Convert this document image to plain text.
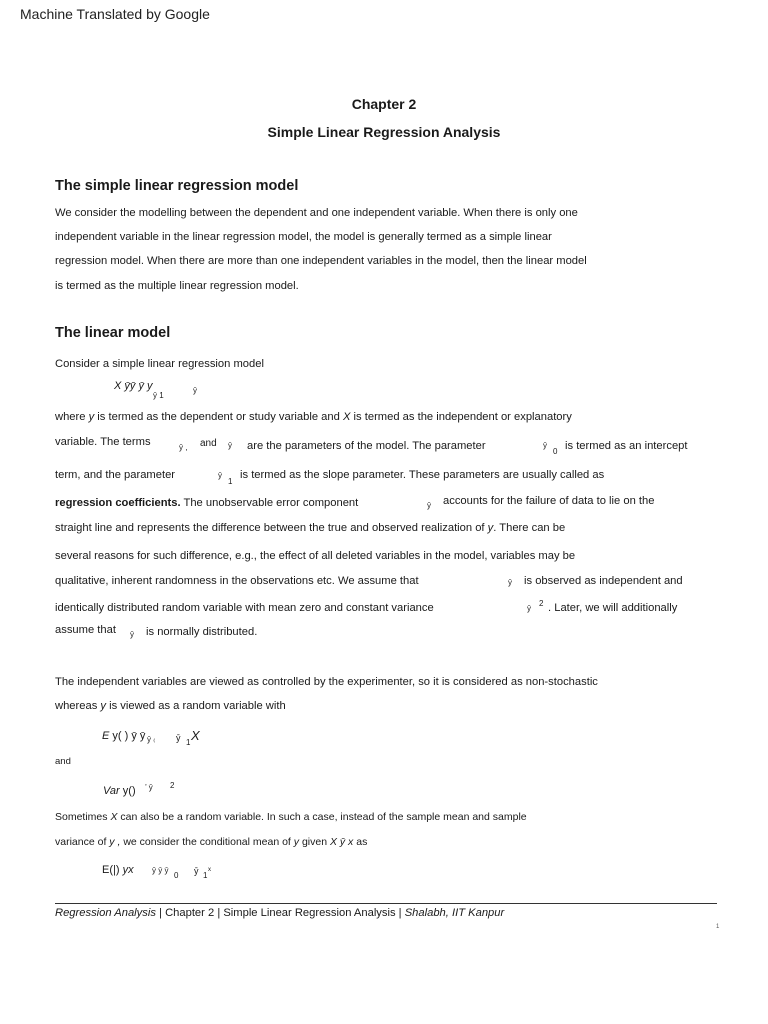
Machine Translated by Google
Chapter 2
Simple Linear Regression Analysis
The simple linear regression model
We consider the modelling between the dependent and one independent variable. When there is only one
independent variable in the linear regression model, the model is generally termed as a simple linear
regression model. When there are more than one independent variables in the model, then the linear model
is termed as the multiple linear regression model.
The linear model
Consider a simple linear regression model
X ȳȳ ȳ y
ȳ 1
ȳ
where y is termed as the dependent or study variable and X is termed as the independent or explanatory
variable. The terms	ȳ , and ȳ are the parameters of the model. The parameter	ȳ
0 is termed as an intercept
term, and the parameter	ȳ
1
is termed as the slope parameter. These parameters are usually called as
regression coefficients. The unobservable error component	ȳ accounts for the failure of data to lie on the
straight line and represents the difference between the true and observed realization of y. There can be
several reasons for such difference, e.g., the effect of all deleted variables in the model, variables may be
qualitative, inherent randomness in the observations etc. We assume that	ȳ is observed as independent and
identically distributed random variable with mean zero and constant variance	ȳ
2 . Later, we will additionally
assume that ȳ is normally distributed.
The independent variables are viewed as controlled by the experimenter, so it is considered as non-stochastic
whereas y is viewed as a random variable with
E y( ) ȳ ȳ ȳ ₍ ȳ 1 X
and
Var y() ’ ȳ 2
Sometimes X can also be a random variable. In such a case, instead of the sample mean and sample
variance of y , we consider the conditional mean of y given X ȳ x as
E(|) yx ȳ ȳ ȳ
0 ȳ 1
x
Regression Analysis | Chapter 2 | Simple Linear Regression Analysis | Shalabh, IIT Kanpur
1
